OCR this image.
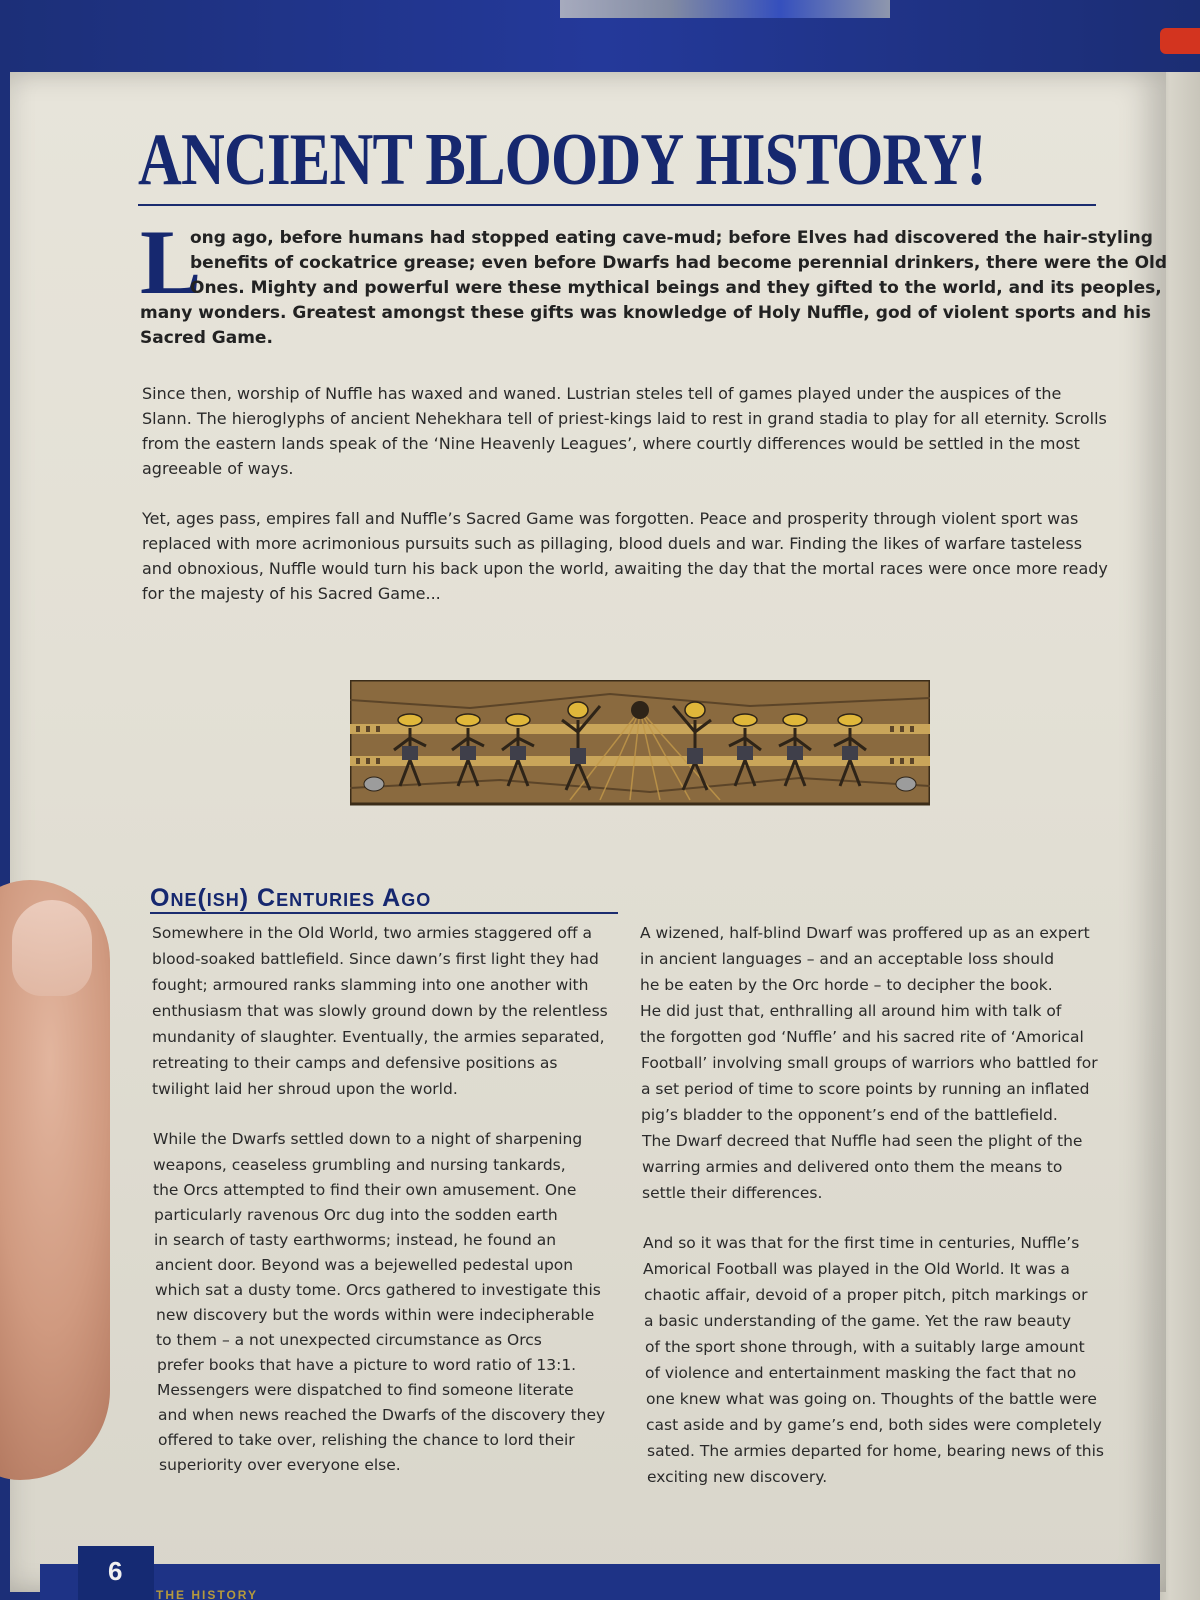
ANCIENT BLOODY HISTORY!
L
ong ago, before humans had stopped eating cave-mud; before Elves had discovered the hair-styling
benefits of cockatrice grease; even before Dwarfs had become perennial drinkers, there were the Old
Ones. Mighty and powerful were these mythical beings and they gifted to the world, and its peoples,
many wonders. Greatest amongst these gifts was knowledge of Holy Nuffle, god of violent sports and his
Sacred Game.
Since then, worship of Nuffle has waxed and waned. Lustrian steles tell of games played under the auspices of the
Slann. The hieroglyphs of ancient Nehekhara tell of priest-kings laid to rest in grand stadia to play for all eternity. Scrolls
from the eastern lands speak of the ‘Nine Heavenly Leagues’, where courtly differences would be settled in the most
agreeable of ways.
Yet, ages pass, empires fall and Nuffle’s Sacred Game was forgotten. Peace and prosperity through violent sport was
replaced with more acrimonious pursuits such as pillaging, blood duels and war. Finding the likes of warfare tasteless
and obnoxious, Nuffle would turn his back upon the world, awaiting the day that the mortal races were once more ready
for the majesty of his Sacred Game...
One(ish) Centuries Ago
Somewhere in the Old World, two armies staggered off a
blood-soaked battlefield. Since dawn’s first light they had
fought; armoured ranks slamming into one another with
enthusiasm that was slowly ground down by the relentless
mundanity of slaughter. Eventually, the armies separated,
retreating to their camps and defensive positions as
twilight laid her shroud upon the world.
While the Dwarfs settled down to a night of sharpening
weapons, ceaseless grumbling and nursing tankards,
the Orcs attempted to find their own amusement. One
particularly ravenous Orc dug into the sodden earth
in search of tasty earthworms; instead, he found an
ancient door. Beyond was a bejewelled pedestal upon
which sat a dusty tome. Orcs gathered to investigate this
new discovery but the words within were indecipherable
to them – a not unexpected circumstance as Orcs
prefer books that have a picture to word ratio of 13:1.
Messengers were dispatched to find someone literate
and when news reached the Dwarfs of the discovery they
offered to take over, relishing the chance to lord their
superiority over everyone else.
A wizened, half-blind Dwarf was proffered up as an expert
in ancient languages – and an acceptable loss should
he be eaten by the Orc horde – to decipher the book.
He did just that, enthralling all around him with talk of
the forgotten god ‘Nuffle’ and his sacred rite of ‘Amorical
Football’ involving small groups of warriors who battled for
a set period of time to score points by running an inflated
pig’s bladder to the opponent’s end of the battlefield.
The Dwarf decreed that Nuffle had seen the plight of the
warring armies and delivered onto them the means to
settle their differences.
And so it was that for the first time in centuries, Nuffle’s
Amorical Football was played in the Old World. It was a
chaotic affair, devoid of a proper pitch, pitch markings or
a basic understanding of the game. Yet the raw beauty
of the sport shone through, with a suitably large amount
of violence and entertainment masking the fact that no
one knew what was going on. Thoughts of the battle were
cast aside and by game’s end, both sides were completely
sated. The armies departed for home, bearing news of this
exciting new discovery.
6
THE HISTORY
